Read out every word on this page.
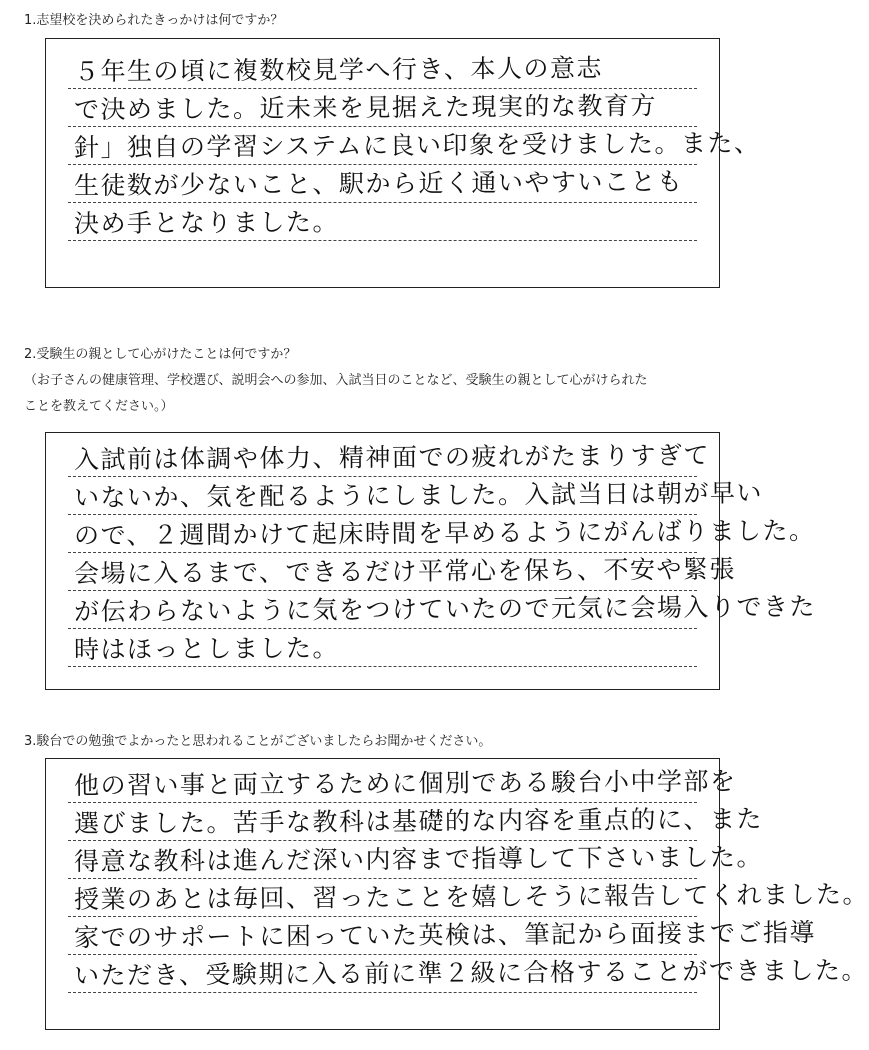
1.志望校を決められたきっかけは何ですか？
５年生の頃に複数校見学へ行き、本人の意志
で決めました。近未来を見据えた現実的な教育方
針」独自の学習システムに良い印象を受けました。また、
生徒数が少ないこと、駅から近く通いやすいことも
決め手となりました。
2.受験生の親として心がけたことは何ですか？
（お子さんの健康管理、学校選び、説明会への参加、入試当日のことなど、受験生の親として心がけられた
ことを教えてください。）
入試前は体調や体力、精神面での疲れがたまりすぎて
いないか、気を配るようにしました。入試当日は朝が早い
ので、２週間かけて起床時間を早めるようにがんばりました。
会場に入るまで、できるだけ平常心を保ち、不安や緊張
が伝わらないように気をつけていたので元気に会場入りできた
時はほっとしました。
3.駿台での勉強でよかったと思われることがございましたらお聞かせください。
他の習い事と両立するために個別である駿台小中学部を
選びました。苦手な教科は基礎的な内容を重点的に、また
得意な教科は進んだ深い内容まで指導して下さいました。
授業のあとは毎回、習ったことを嬉しそうに報告してくれました。
家でのサポートに困っていた英検は、筆記から面接までご指導
いただき、受験期に入る前に準２級に合格することができました。
